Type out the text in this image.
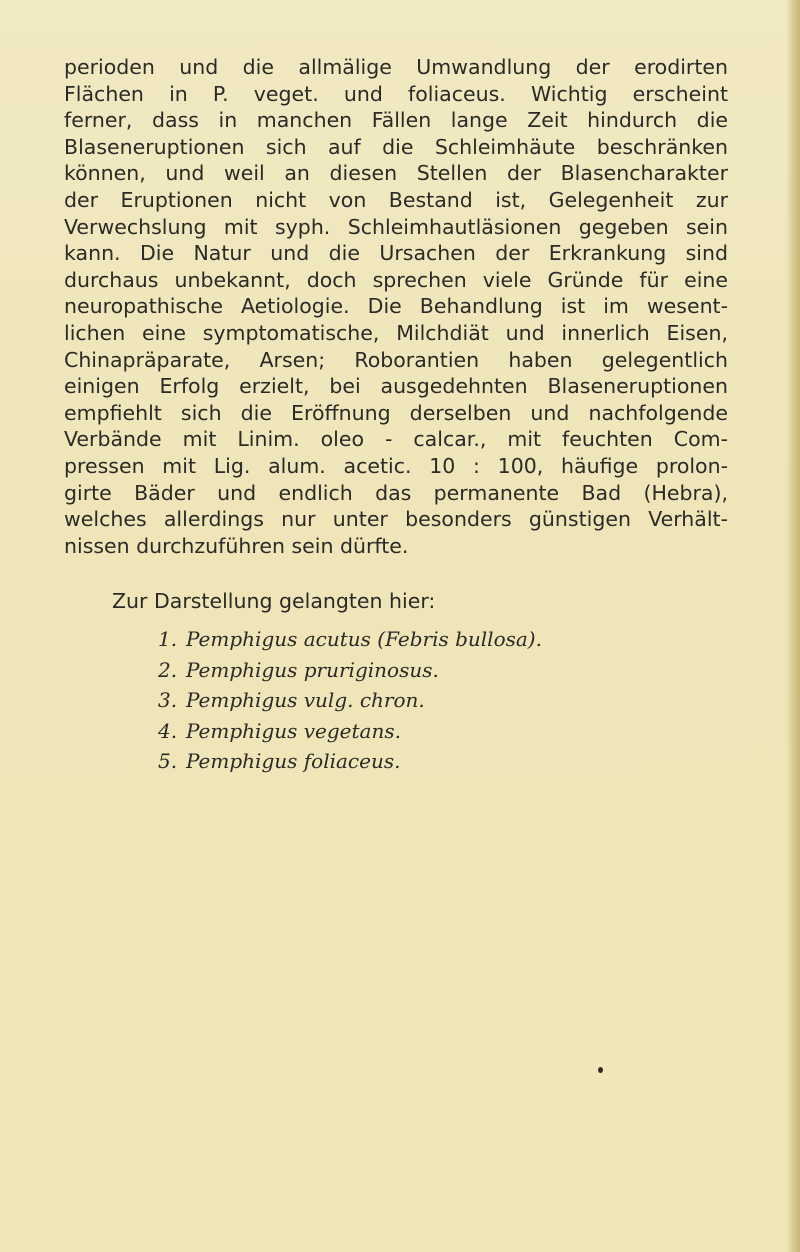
perioden und die allmälige Umwandlung der erodirten
Flächen in P. veget. und foliaceus. Wichtig erscheint
ferner, dass in manchen Fällen lange Zeit hindurch die
Blaseneruptionen sich auf die Schleimhäute beschränken
können, und weil an diesen Stellen der Blasencharakter
der Eruptionen nicht von Bestand ist, Gelegenheit zur
Verwechslung mit syph. Schleimhautläsionen gegeben sein
kann. Die Natur und die Ursachen der Erkrankung sind
durchaus unbekannt, doch sprechen viele Gründe für eine
neuropathische Aetiologie. Die Behandlung ist im wesent-
lichen eine symptomatische, Milchdiät und innerlich Eisen,
Chinapräparate, Arsen; Roborantien haben gelegentlich
einigen Erfolg erzielt, bei ausgedehnten Blaseneruptionen
empfiehlt sich die Eröffnung derselben und nachfolgende
Verbände mit Linim. oleo - calcar., mit feuchten Com-
pressen mit Lig. alum. acetic. 10 : 100, häufige prolon-
girte Bäder und endlich das permanente Bad (Hebra),
welches allerdings nur unter besonders günstigen Verhält-
nissen durchzuführen sein dürfte.
Zur Darstellung gelangten hier:
1. Pemphigus acutus (Febris bullosa).
2. Pemphigus pruriginosus.
3. Pemphigus vulg. chron.
4. Pemphigus vegetans.
5. Pemphigus foliaceus.
